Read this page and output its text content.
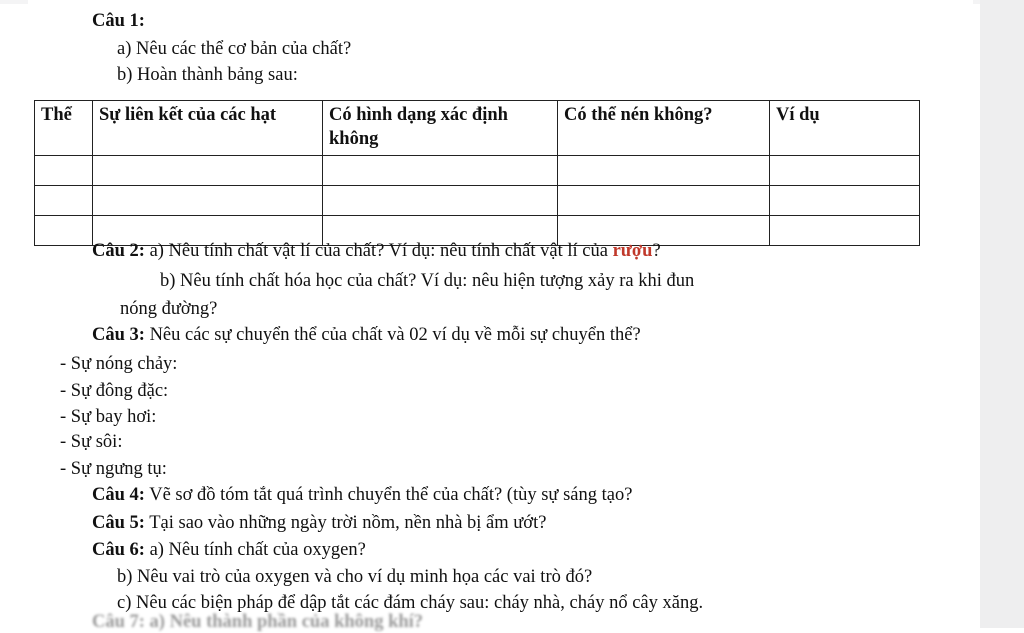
Câu 1:
a) Nêu các thể cơ bản của chất?
b) Hoàn thành bảng sau:
Thể	Sự liên kết của các hạt	Có hình dạng xác định không	Có thể nén không?	Ví dụ

Câu 2: a) Nêu tính chất vật lí của chất? Ví dụ: nêu tính chất vật lí của rượu?
b) Nêu tính chất hóa học của chất? Ví dụ: nêu hiện tượng xảy ra khi đun
nóng đường?
Câu 3: Nêu các sự chuyển thể của chất và 02 ví dụ về mỗi sự chuyển thể?
- Sự nóng chảy:
- Sự đông đặc:
- Sự bay hơi:
- Sự sôi:
- Sự ngưng tụ:
Câu 4: Vẽ sơ đồ tóm tắt quá trình chuyển thể của chất? (tùy sự sáng tạo?
Câu 5: Tại sao vào những ngày trời nồm, nền nhà bị ẩm ướt?
Câu 6: a) Nêu tính chất của oxygen?
b) Nêu vai trò của oxygen và cho ví dụ minh họa các vai trò đó?
c) Nêu các biện pháp để dập tắt các đám cháy sau: cháy nhà, cháy nổ cây xăng.
Câu 7: a) Nêu thành phần của không khí?
